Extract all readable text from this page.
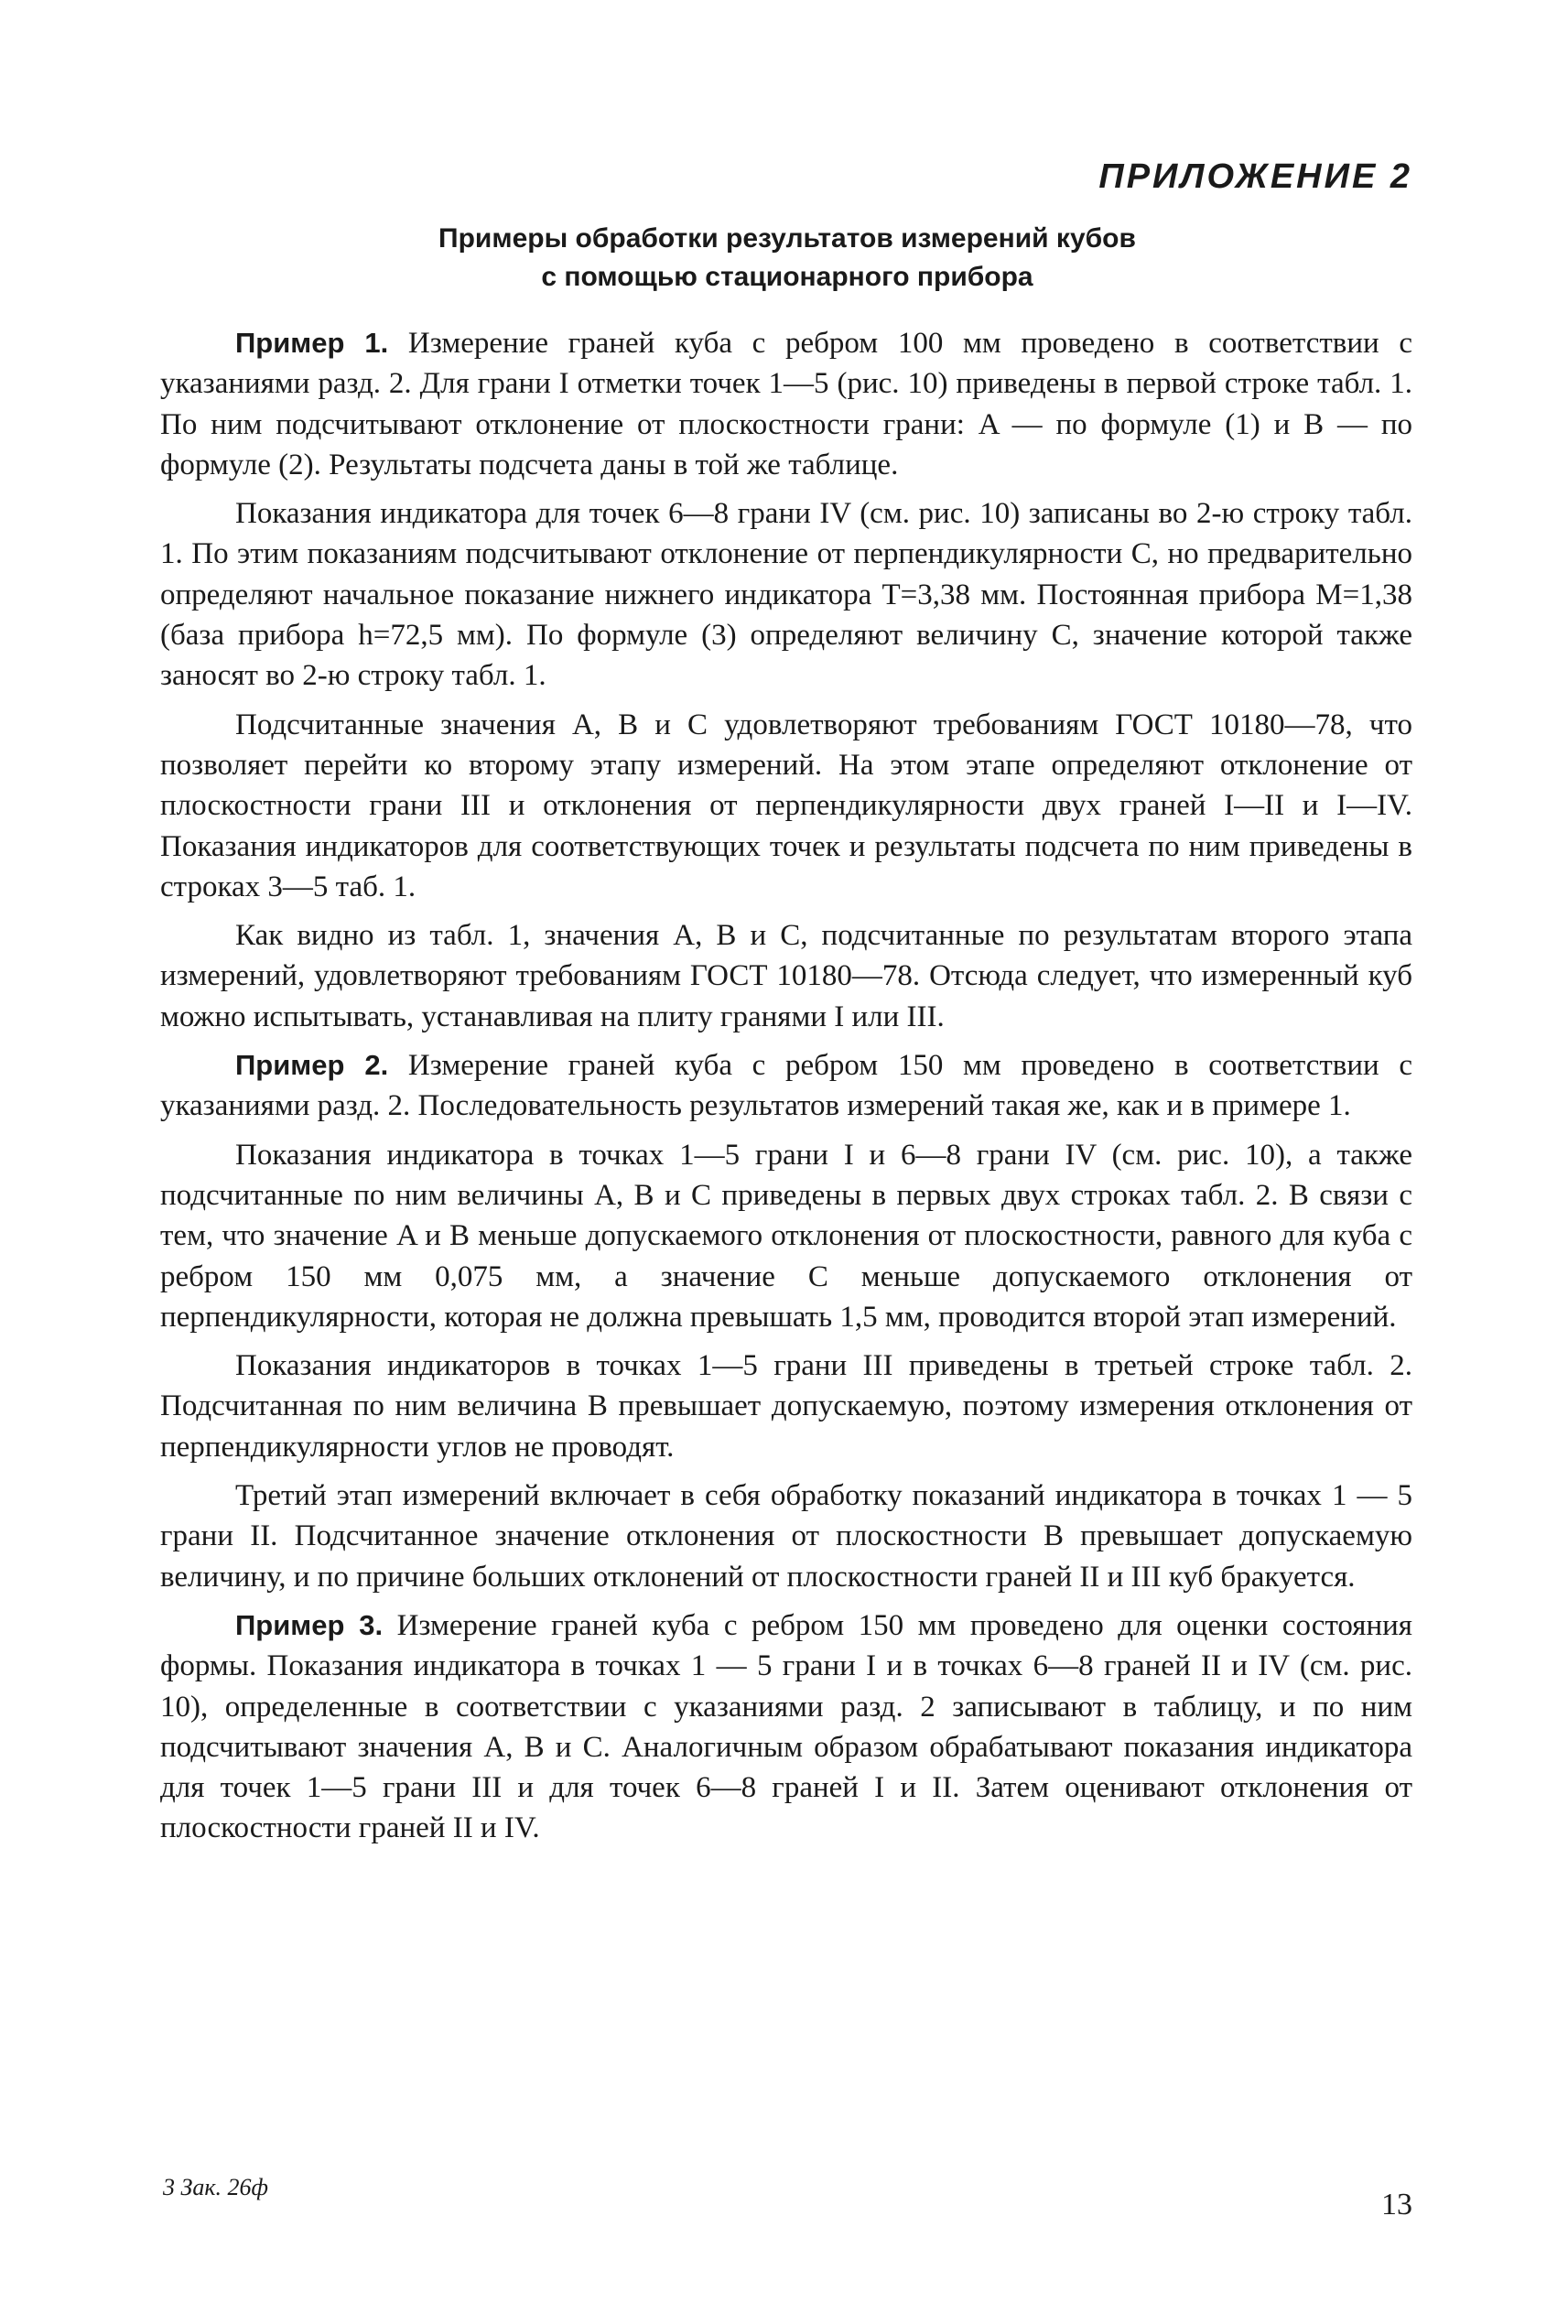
ПРИЛОЖЕНИЕ 2

Примеры обработки результатов измерений кубов
с помощью стационарного прибора

Пример 1. Измерение граней куба с ребром 100 мм проведено в соответствии с указаниями разд. 2. Для грани I отметки точек 1—5 (рис. 10) приведены в первой строке табл. 1. По ним подсчитывают отклонение от плоскостности грани: A — по формуле (1) и B — по формуле (2). Результаты подсчета даны в той же таблице.

Показания индикатора для точек 6—8 грани IV (см. рис. 10) записаны во 2-ю строку табл. 1. По этим показаниям подсчитывают отклонение от перпендикулярности C, но предварительно определяют начальное показание нижнего индикатора T=3,38 мм. Постоянная прибора M=1,38 (база прибора h=72,5 мм). По формуле (3) определяют величину C, значение которой также заносят во 2-ю строку табл. 1.

Подсчитанные значения A, B и C удовлетворяют требованиям ГОСТ 10180—78, что позволяет перейти ко второму этапу измерений. На этом этапе определяют отклонение от плоскостности грани III и отклонения от перпендикулярности двух граней I—II и I—IV. Показания индикаторов для соответствующих точек и результаты подсчета по ним приведены в строках 3—5 таб. 1.

Как видно из табл. 1, значения A, B и C, подсчитанные по результатам второго этапа измерений, удовлетворяют требованиям ГОСТ 10180—78. Отсюда следует, что измеренный куб можно испытывать, устанавливая на плиту гранями I или III.

Пример 2. Измерение граней куба с ребром 150 мм проведено в соответствии с указаниями разд. 2. Последовательность результатов измерений такая же, как и в примере 1.

Показания индикатора в точках 1—5 грани I и 6—8 грани IV (см. рис. 10), а также подсчитанные по ним величины A, B и C приведены в первых двух строках табл. 2. В связи с тем, что значение A и B меньше допускаемого отклонения от плоскостности, равного для куба с ребром 150 мм 0,075 мм, а значение C меньше допускаемого отклонения от перпендикулярности, которая не должна превышать 1,5 мм, проводится второй этап измерений.

Показания индикаторов в точках 1—5 грани III приведены в третьей строке табл. 2. Подсчитанная по ним величина B превышает допускаемую, поэтому измерения отклонения от перпендикулярности углов не проводят.

Третий этап измерений включает в себя обработку показаний индикатора в точках 1 — 5 грани II. Подсчитанное значение отклонения от плоскостности B превышает допускаемую величину, и по причине больших отклонений от плоскостности граней II и III куб бракуется.

Пример 3. Измерение граней куба с ребром 150 мм проведено для оценки состояния формы. Показания индикатора в точках 1 — 5 грани I и в точках 6—8 граней II и IV (см. рис. 10), определенные в соответствии с указаниями разд. 2 записывают в таблицу, и по ним подсчитывают значения A, B и C. Аналогичным образом обрабатывают показания индикатора для точек 1—5 грани III и для точек 6—8 граней I и II. Затем оценивают отклонения от плоскостности граней II и IV.

3 Зак. 26ф

13
